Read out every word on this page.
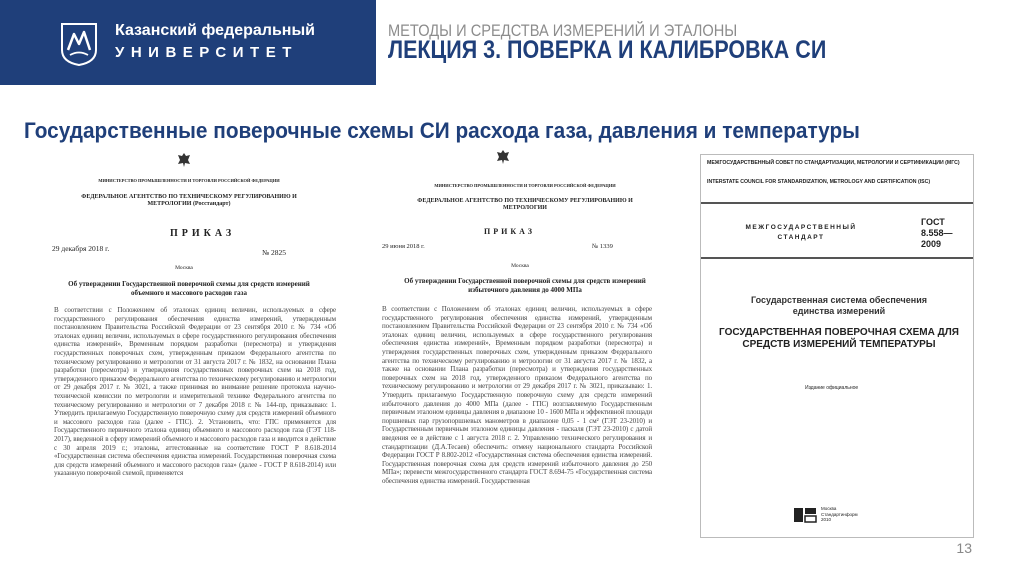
Казанский федеральный
УНИВЕРСИТЕТ
МЕТОДЫ И СРЕДСТВА ИЗМЕРЕНИЙ И ЭТАЛОНЫ
ЛЕКЦИЯ 3. ПОВЕРКА И КАЛИБРОВКА СИ
Государственные поверочные схемы СИ расхода газа, давления и температуры
МИНИСТЕРСТВО ПРОМЫШЛЕННОСТИ И ТОРГОВЛИ РОССИЙСКОЙ ФЕДЕРАЦИИ
ФЕДЕРАЛЬНОЕ АГЕНТСТВО ПО ТЕХНИЧЕСКОМУ РЕГУЛИРОВАНИЮ И МЕТРОЛОГИИ (Росстандарт)
ПРИКАЗ
29 декабря 2018 г.	№ 2825
Москва
Об утверждении Государственной поверочной схемы для средств измерений объемного и массового расходов газа
В соответствии с Положением об эталонах единиц величин, используемых в сфере государственного регулирования обеспечения единства измерений, утвержденным постановлением Правительства Российской Федерации от 23 сентября 2010 г. № 734 «Об эталонах единиц величин, используемых в сфере государственного регулирования обеспечения единства измерений», Временным порядком разработки (пересмотра) и утверждения государственных поверочных схем, утвержденным приказом Федерального агентства по техническому регулированию и метрологии от 31 августа 2017 г. № 1832, на основании Плана разработки (пересмотра) и утверждения государственных поверочных схем на 2018 год, утвержденного приказом Федерального агентства по техническому регулированию и метрологии от 29 декабря 2017 г. № 3021, а также принимая во внимание решение протокола научно-технической комиссии по метрологии и измерительной технике Федерального агентства по техническому регулированию и метрологии от 7 декабря 2018 г. № 144-пр, приказываю: 1. Утвердить прилагаемую Государственную поверочную схему для средств измерений объемного и массового расходов газа (далее - ГПС). 2. Установить, что: ГПС применяется для Государственного первичного эталона единиц объемного и массового расходов газа (ГЭТ 118-2017), введенной в сферу измерений объемного и массового расходов газа и вводится в действие с 30 апреля 2019 г.; эталоны, аттестованные на соответствие ГОСТ Р 8.618-2014 «Государственная система обеспечения единства измерений. Государственная поверочная схема для средств измерений объемного и массового расходов газа» (далее - ГОСТ Р 8.618-2014) или указанную поверочной схемой, применяется
МИНИСТЕРСТВО ПРОМЫШЛЕННОСТИ И ТОРГОВЛИ РОССИЙСКОЙ ФЕДЕРАЦИИ
ФЕДЕРАЛЬНОЕ АГЕНТСТВО ПО ТЕХНИЧЕСКОМУ РЕГУЛИРОВАНИЮ И МЕТРОЛОГИИ
ПРИКАЗ
29 июня 2018 г.	№ 1339
Москва
Об утверждении Государственной поверочной схемы для средств измерений избыточного давления до 4000 МПа
В соответствии с Положением об эталонах единиц величин, используемых в сфере государственного регулирования обеспечения единства измерений, утвержденным постановлением Правительства Российской Федерации от 23 сентября 2010 г. № 734 «Об эталонах единиц величин, используемых в сфере государственного регулирования обеспечения единства измерений», Временным порядком разработки (пересмотра) и утверждения государственных поверочных схем, утвержденным приказом Федерального агентства по техническому регулированию и метрологии от 31 августа 2017 г. № 1832, а также на основании Плана разработки (пересмотра) и утверждения государственных поверочных схем на 2018 год, утвержденного приказом Федерального агентства по техническому регулированию и метрологии от 29 декабря 2017 г. № 3021, приказываю: 1. Утвердить прилагаемую Государственную поверочную схему для средств измерений избыточного давления до 4000 МПа (далее - ГПС) возглавляемую Государственным первичным эталоном единицы давления в диапазоне 10 - 1600 МПа и эффективной площади поршневых пар грузопоршневых манометров в диапазоне 0,05 - 1 см² (ГЭТ 23-2010) и Государственным первичным эталоном единицы давления - паскаля (ГЭТ 23-2010) с датой введения ее в действие с 1 августа 2018 г. 2. Управлению технического регулирования и стандартизации (Д.А.Тесаев) обеспечить: отмену национального стандарта Российской Федерации ГОСТ Р 8.802-2012 «Государственная система обеспечения единства измерений. Государственная поверочная схема для средств измерений избыточного давления до 250 МПа»; перевести межгосударственного стандарта ГОСТ 8.694-75 «Государственная система обеспечения единства измерений. Государственная
МЕЖГОСУДАРСТВЕННЫЙ СОВЕТ ПО СТАНДАРТИЗАЦИИ, МЕТРОЛОГИИ И СЕРТИФИКАЦИИ (МГС)
INTERSTATE COUNCIL FOR STANDARDIZATION, METROLOGY AND CERTIFICATION (ISC)
МЕЖГОСУДАРСТВЕННЫЙ СТАНДАРТ
ГОСТ 8.558— 2009
Государственная система обеспечения единства измерений
ГОСУДАРСТВЕННАЯ ПОВЕРОЧНАЯ СХЕМА ДЛЯ СРЕДСТВ ИЗМЕРЕНИЙ ТЕМПЕРАТУРЫ
Издание официальное
Москва Стандартинформ 2010
13
